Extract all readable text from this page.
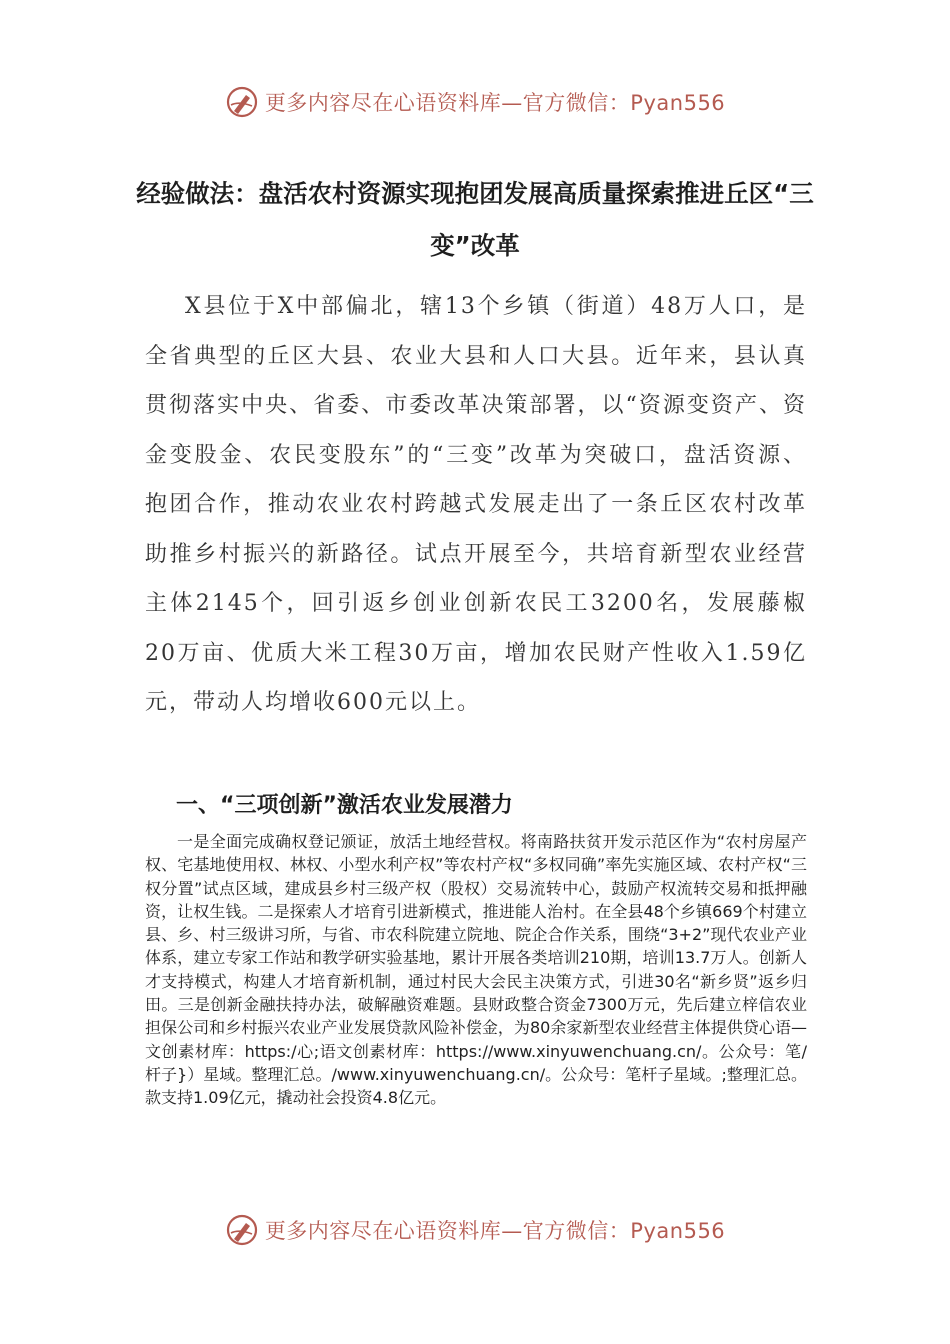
更多内容尽在心语资料库—官方微信：Pyan556
经验做法：盘活农村资源实现抱团发展高质量探索推进丘区“三变”改革

X县位于X中部偏北，辖13个乡镇（街道）48万人口，是全省典型的丘区大县、农业大县和人口大县。近年来，县认真贯彻落实中央、省委、市委改革决策部署，以“资源变资产、资金变股金、农民变股东”的“三变”改革为突破口，盘活资源、抱团合作，推动农业农村跨越式发展走出了一条丘区农村改革助推乡村振兴的新路径。试点开展至今，共培育新型农业经营主体2145个，回引返乡创业创新农民工3200名，发展藤椒20万亩、优质大米工程30万亩，增加农民财产性收入1.59亿元，带动人均增收600元以上。

一、“三项创新”激活农业发展潜力

一是全面完成确权登记颁证，放活土地经营权。将南路扶贫开发示范区作为“农村房屋产权、宅基地使用权、林权、小型水利产权”等农村产权“多权同确”率先实施区域、农村产权“三权分置”试点区域，建成县乡村三级产权（股权）交易流转中心，鼓励产权流转交易和抵押融资，让权生钱。二是探索人才培育引进新模式，推进能人治村。在全县48个乡镇669个村建立县、乡、村三级讲习所，与省、市农科院建立院地、院企合作关系，围绕“3+2”现代农业产业体系，建立专家工作站和教学研实验基地，累计开展各类培训210期，培训13.7万人。创新人才支持模式，构建人才培育新机制，通过村民大会民主决策方式，引进30名“新乡贤”返乡归田。三是创新金融扶持办法，破解融资难题。县财政整合资金7300万元，先后建立梓信农业担保公司和乡村振兴农业产业发展贷款风险补偿金，为80余家新型农业经营主体提供贷心语—文创素材库：https:/心;语文创素材库：https://www.xinyuwenchuang.cn/。公众号：笔/杆子}）星域。整理汇总。/www.xinyuwenchuang.cn/。公众号：笔杆子星域。;整理汇总。款支持1.09亿元，撬动社会投资4.8亿元。

更多内容尽在心语资料库—官方微信：Pyan556
